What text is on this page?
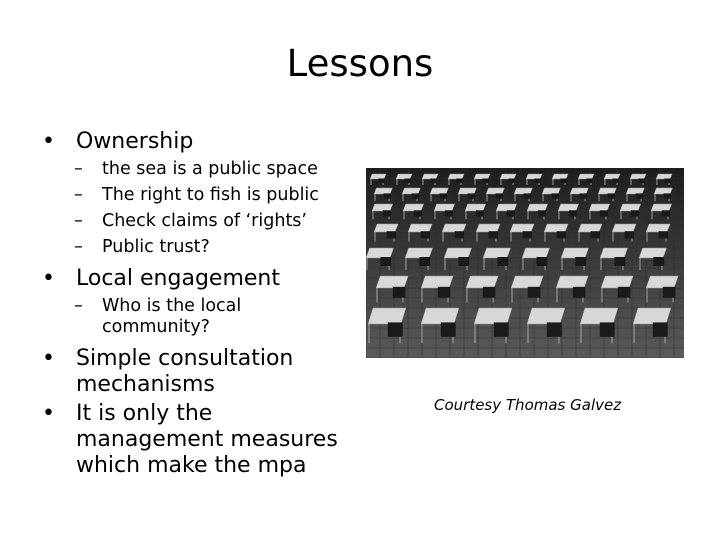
Lessons
• Ownership
– the sea is a public space
– The right to fish is public
– Check claims of ‘rights’
– Public trust?
• Local engagement
– Who is the local community?
• Simple consultation mechanisms
• It is only the management measures which make the mpa
Courtesy Thomas Galvez
